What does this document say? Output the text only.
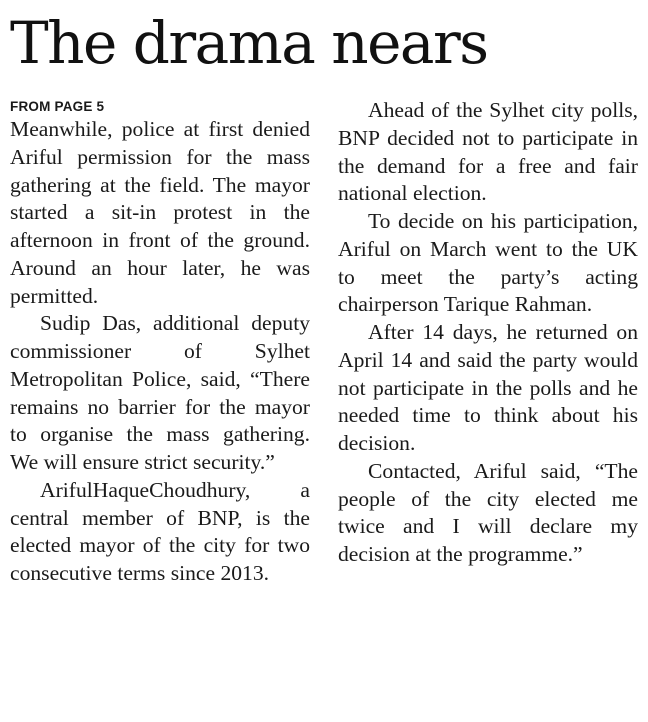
The drama nears
FROM PAGE 5

Meanwhile, police at first denied Ariful permission for the mass gathering at the field. The mayor started a sit-in protest in the afternoon in front of the ground. Around an hour later, he was permitted.

Sudip Das, additional deputy commissioner of Sylhet Metropolitan Police, said, “There remains no barrier for the mayor to organise the mass gathering. We will ensure strict security.”

ArifulHaqueChoudhury, a central member of BNP, is the elected mayor of the city for two consecutive terms since 2013.

Ahead of the Sylhet city polls, BNP decided not to participate in the demand for a free and fair national election.

To decide on his participation, Ariful on March went to the UK to meet the party’s acting chairperson Tarique Rahman.

After 14 days, he returned on April 14 and said the party would not participate in the polls and he needed time to think about his decision.

Contacted, Ariful said, “The people of the city elected me twice and I will declare my decision at the programme.”
